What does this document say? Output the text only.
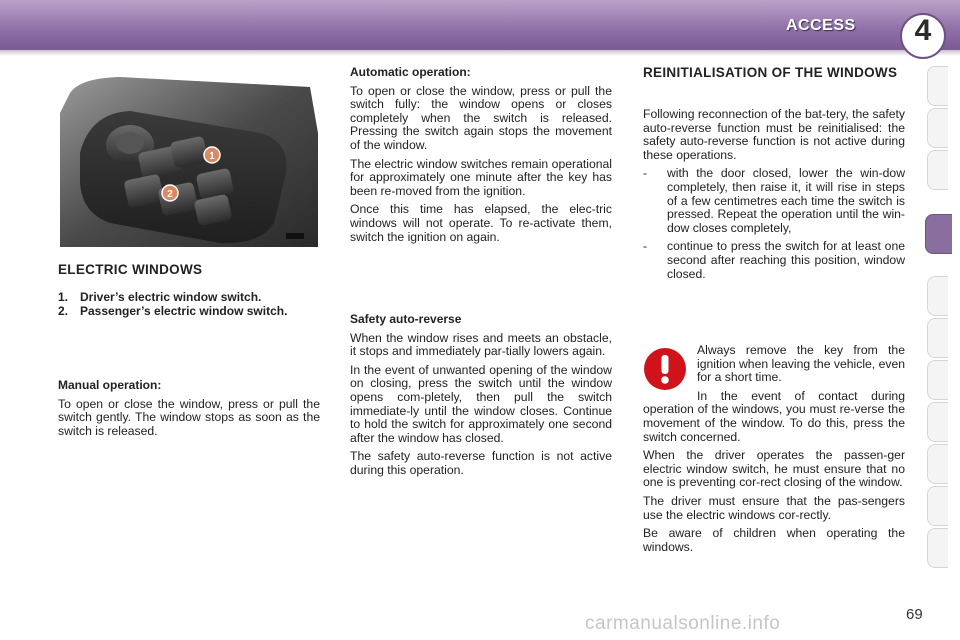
ACCESS	4
1
2
ELECTRIC WINDOWS
1. Driver’s electric window switch.
2. Passenger’s electric window switch.
Manual operation:

To open or close the window, press or pull the switch gently. The window stops as soon as the switch is released.

Automatic operation:

To open or close the window, press or pull the switch fully: the window opens or closes completely when the switch is released. Pressing the switch again stops the movement of the window.

The electric window switches remain operational for approximately one minute after the key has been re-moved from the ignition.

Once this time has elapsed, the elec-tric windows will not operate. To re-activate them, switch the ignition on again.

Safety auto-reverse

When the window rises and meets an obstacle, it stops and immediately par-tially lowers again.

In the event of unwanted opening of the window on closing, press the switch until the window opens com-pletely, then pull the switch immediate-ly until the window closes. Continue to hold the switch for approximately one second after the window has closed.

The safety auto-reverse function is not active during this operation.

REINITIALISATION OF THE WINDOWS

Following reconnection of the bat-tery, the safety auto-reverse function must be reinitialised: the safety auto-reverse function is not active during these operations.

-	with the door closed, lower the win-dow completely, then raise it, it will rise in steps of a few centimetres each time the switch is pressed. Repeat the operation until the win-dow closes completely,
-	continue to press the switch for at least one second after reaching this position, window closed.

Always remove the key from the ignition when leaving the vehicle, even for a short time.

In the event of contact during operation of the windows, you must re-verse the movement of the window. To do this, press the switch concerned.

When the driver operates the passen-ger electric window switch, he must ensure that no one is preventing cor-rect closing of the window.

The driver must ensure that the pas-sengers use the electric windows cor-rectly.

Be aware of children when operating the windows.

carmanualsonline.info	69
